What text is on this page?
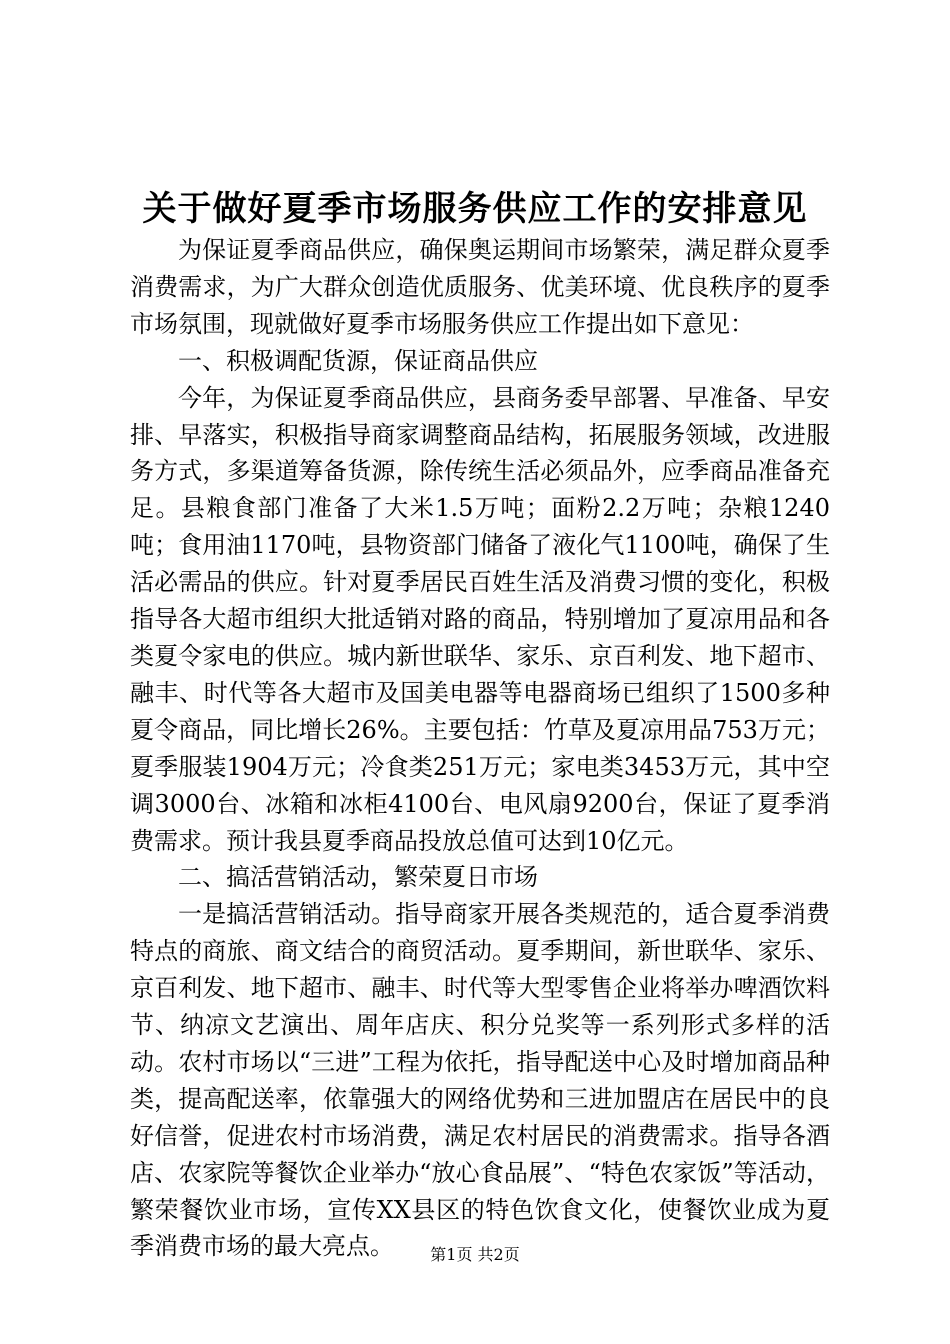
关于做好夏季市场服务供应工作的安排意见

为保证夏季商品供应，确保奥运期间市场繁荣，满足群众夏季消费需求，为广大群众创造优质服务、优美环境、优良秩序的夏季市场氛围，现就做好夏季市场服务供应工作提出如下意见：

一、积极调配货源，保证商品供应

今年，为保证夏季商品供应，县商务委早部署、早准备、早安排、早落实，积极指导商家调整商品结构，拓展服务领域，改进服务方式，多渠道筹备货源，除传统生活必须品外，应季商品准备充足。县粮食部门准备了大米1.5万吨；面粉2.2万吨；杂粮1240吨；食用油1170吨，县物资部门储备了液化气1100吨，确保了生活必需品的供应。针对夏季居民百姓生活及消费习惯的变化，积极指导各大超市组织大批适销对路的商品，特别增加了夏凉用品和各类夏令家电的供应。城内新世联华、家乐、京百利发、地下超市、融丰、时代等各大超市及国美电器等电器商场已组织了1500多种夏令商品，同比增长26%。主要包括：竹草及夏凉用品753万元；夏季服装1904万元；冷食类251万元；家电类3453万元，其中空调3000台、冰箱和冰柜4100台、电风扇9200台，保证了夏季消费需求。预计我县夏季商品投放总值可达到10亿元。

二、搞活营销活动，繁荣夏日市场

一是搞活营销活动。指导商家开展各类规范的，适合夏季消费特点的商旅、商文结合的商贸活动。夏季期间，新世联华、家乐、京百利发、地下超市、融丰、时代等大型零售企业将举办啤酒饮料节、纳凉文艺演出、周年店庆、积分兑奖等一系列形式多样的活动。农村市场以“三进”工程为依托，指导配送中心及时增加商品种类，提高配送率，依靠强大的网络优势和三进加盟店在居民中的良好信誉，促进农村市场消费，满足农村居民的消费需求。指导各酒店、农家院等餐饮企业举办“放心食品展”、“特色农家饭”等活动，繁荣餐饮业市场，宣传XX县区的特色饮食文化，使餐饮业成为夏季消费市场的最大亮点。	第1页 共2页
